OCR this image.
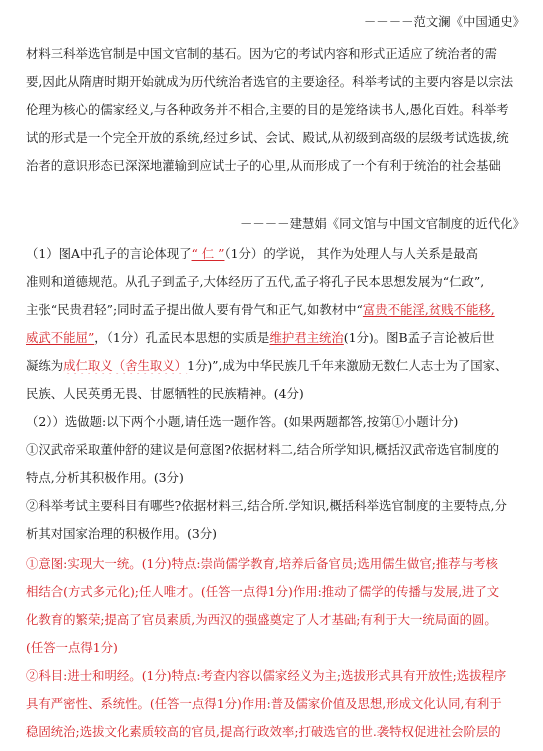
－－－－范文澜《中国通史》
材料三科举选官制是中国文官制的基石。因为它的考试内容和形式正适应了统治者的需
要,因此从隋唐时期开始就成为历代统治者选官的主要途径。科举考试的主要内容是以宗法
伦理为核心的儒家经义,与各种政务并不相合,主要的目的是笼络读书人,愚化百姓。科举考
试的形式是一个完全开放的系统,经过乡试、会试、殿试,从初级到高级的层级考试选拔,统
治者的意识形态已深深地灌输到应试士子的心里,从而形成了一个有利于统治的社会基础
－－－－建慧娟《同文馆与中国文官制度的近代化》
（1）图A中孔子的言论体现了“ 仁 ”（1分）的学说， 其作为处理人与人关系是最高
准则和道德规范。从孔子到孟子,大体经历了五代,孟子将孔子民本思想发展为“仁政”,
主张“民贵君轻”;同时孟子提出做人要有骨气和正气,如教材中“富贵不能淫,贫贱不能移,
威武不能屈”，（1分）孔孟民本思想的实质是维护君主统治(1分)。图B孟子言论被后世
凝练为成仁取义（舍生取义）1分)”,成为中华民族几千年来激励无数仁人志士为了国家、
民族、人民英勇无畏、甘愿牺牲的民族精神。(4分)
（2））选做题:以下两个小题,请任选一题作答。(如果两题都答,按第①小题计分)
①汉武帝采取董仲舒的建议是何意图?依据材料二,结合所学知识,概括汉武帝选官制度的
特点,分析其积极作用。(3分)
②科举考试主要科目有哪些?依据材料三,结合所.学知识,概括科举选官制度的主要特点,分
析其对国家治理的积极作用。(3分)
①意图:实现大一统。(1分)特点:崇尚儒学教育,培养后备官员;选用儒生做官;推荐与考核
相结合(方式多元化);任人唯才。(任答一点得1分)作用:推动了儒学的传播与发展,进了文
化教育的繁荣;提高了官员素质,为西汉的强盛奠定了人才基础;有利于大一统局面的圆。
(任答一点得1分)
②科目:进士和明经。(1分)特点:考查内容以儒家经义为主;选拔形式具有开放性;选拔程序
具有严密性、系统性。(任答一点得1分)作用:普及儒家价值及思想,形成文化认同,有利于
稳固统治;选拔文化素质较高的官员,提高行政效率;打破选官的世.袭特权促进社会阶层的
